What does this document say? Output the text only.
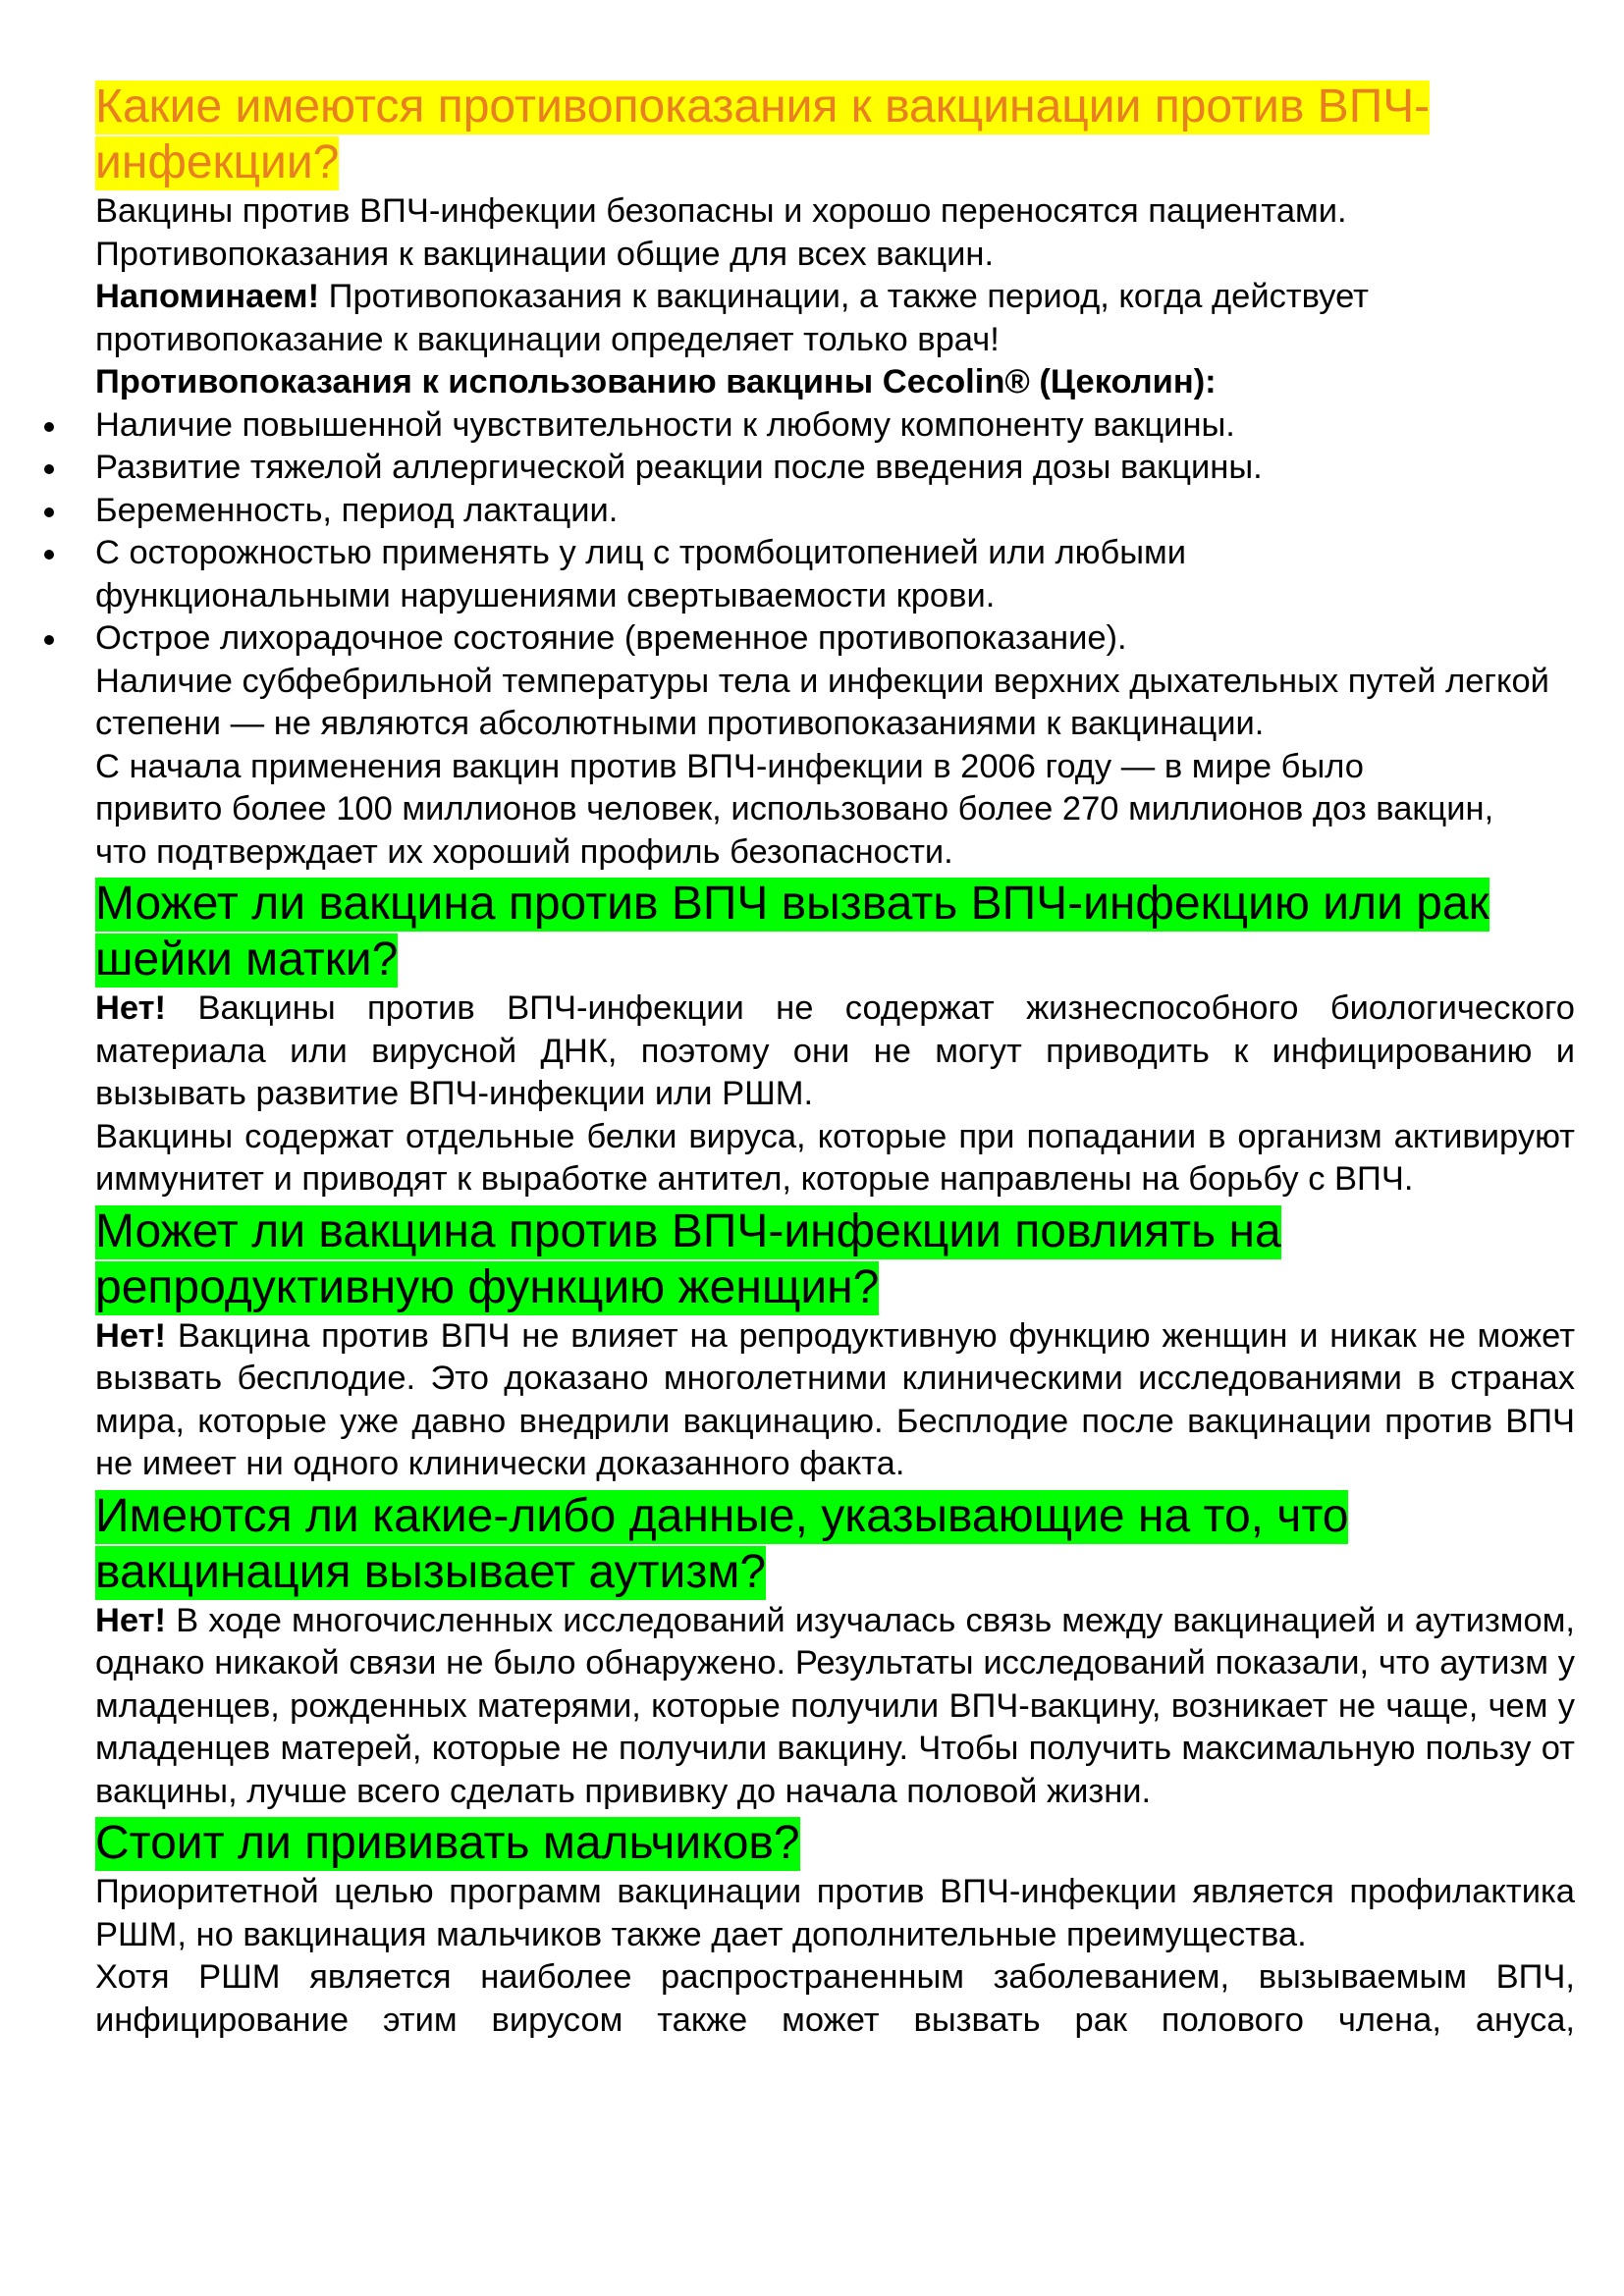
Какие имеются противопоказания к вакцинации против ВПЧ-инфекции?

Вакцины против ВПЧ-инфекции безопасны и хорошо переносятся пациентами.

Противопоказания к вакцинации общие для всех вакцин.

Напоминаем! Противопоказания к вакцинации, а также период, когда действует противопоказание к вакцинации определяет только врач!

Противопоказания к использованию вакцины Cecolin® (Цеколин):

Наличие повышенной чувствительности к любому компоненту вакцины.
Развитие тяжелой аллергической реакции после введения дозы вакцины.
Беременность, период лактации.
С осторожностью применять у лиц с тромбоцитопенией или любыми функциональными нарушениями свертываемости крови.
Острое лихорадочное состояние (временное противопоказание).

Наличие субфебрильной температуры тела и инфекции верхних дыхательных путей легкой степени — не являются абсолютными противопоказаниями к вакцинации.

С начала применения вакцин против ВПЧ-инфекции в 2006 году — в мире было привито более 100 миллионов человек, использовано более 270 миллионов доз вакцин, что подтверждает их хороший профиль безопасности.

Может ли вакцина против ВПЧ вызвать ВПЧ-инфекцию или рак шейки матки?

Нет! Вакцины против ВПЧ-инфекции не содержат жизнеспособного биологического материала или вирусной ДНК, поэтому они не могут приводить к инфицированию и вызывать развитие ВПЧ-инфекции или РШМ.

Вакцины содержат отдельные белки вируса, которые при попадании в организм активируют иммунитет и приводят к выработке антител, которые направлены на борьбу с ВПЧ.

Может ли вакцина против ВПЧ-инфекции повлиять на репродуктивную функцию женщин?

Нет! Вакцина против ВПЧ не влияет на репродуктивную функцию женщин и никак не может вызвать бесплодие. Это доказано многолетними клиническими исследованиями в странах мира, которые уже давно внедрили вакцинацию. Бесплодие после вакцинации против ВПЧ не имеет ни одного клинически доказанного факта.

Имеются ли какие-либо данные, указывающие на то, что вакцинация вызывает аутизм?

Нет! В ходе многочисленных исследований изучалась связь между вакцинацией и аутизмом, однако никакой связи не было обнаружено. Результаты исследований показали, что аутизм у младенцев, рожденных матерями, которые получили ВПЧ-вакцину, возникает не чаще, чем у младенцев матерей, которые не получили вакцину. Чтобы получить максимальную пользу от вакцины, лучше всего сделать прививку до начала половой жизни.

Стоит ли прививать мальчиков?

Приоритетной целью программ вакцинации против ВПЧ-инфекции является профилактика РШМ, но вакцинация мальчиков также дает дополнительные преимущества.

Хотя РШМ является наиболее распространенным заболеванием, вызываемым ВПЧ, инфицирование этим вирусом также может вызвать рак полового члена, ануса,
